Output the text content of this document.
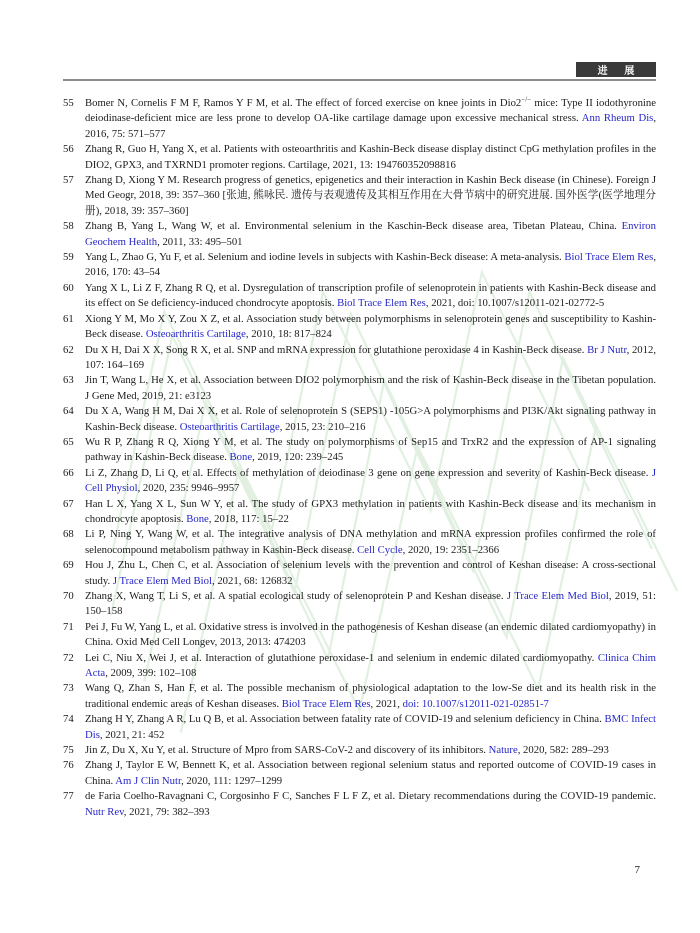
进 展
55	Bomer N, Cornelis F M F, Ramos Y F M, et al. The effect of forced exercise on knee joints in Dio2−/− mice: Type II iodothyronine deiodinase-deficient mice are less prone to develop OA-like cartilage damage upon excessive mechanical stress. Ann Rheum Dis, 2016, 75: 571–577
56	Zhang R, Guo H, Yang X, et al. Patients with osteoarthritis and Kashin-Beck disease display distinct CpG methylation profiles in the DIO2, GPX3, and TXRND1 promoter regions. Cartilage, 2021, 13: 194760352098816
57	Zhang D, Xiong Y M. Research progress of genetics, epigenetics and their interaction in Kashin Beck disease (in Chinese). Foreign J Med Geogr, 2018, 39: 357–360 [张迪, 熊咏民. 遗传与表观遗传及其相互作用在大骨节病中的研究进展. 国外医学(医学地理分册), 2018, 39: 357–360]
58	Zhang B, Yang L, Wang W, et al. Environmental selenium in the Kaschin-Beck disease area, Tibetan Plateau, China. Environ Geochem Health, 2011, 33: 495–501
59	Yang L, Zhao G, Yu F, et al. Selenium and iodine levels in subjects with Kashin-Beck disease: A meta-analysis. Biol Trace Elem Res, 2016, 170: 43–54
60	Yang X L, Li Z F, Zhang R Q, et al. Dysregulation of transcription profile of selenoprotein in patients with Kashin-Beck disease and its effect on Se deficiency-induced chondrocyte apoptosis. Biol Trace Elem Res, 2021, doi: 10.1007/s12011-021-02772-5
61	Xiong Y M, Mo X Y, Zou X Z, et al. Association study between polymorphisms in selenoprotein genes and susceptibility to Kashin-Beck disease. Osteoarthritis Cartilage, 2010, 18: 817–824
62	Du X H, Dai X X, Song R X, et al. SNP and mRNA expression for glutathione peroxidase 4 in Kashin-Beck disease. Br J Nutr, 2012, 107: 164–169
63	Jin T, Wang L, He X, et al. Association between DIO2 polymorphism and the risk of Kashin-Beck disease in the Tibetan population. J Gene Med, 2019, 21: e3123
64	Du X A, Wang H M, Dai X X, et al. Role of selenoprotein S (SEPS1) -105G>A polymorphisms and PI3K/Akt signaling pathway in Kashin-Beck disease. Osteoarthritis Cartilage, 2015, 23: 210–216
65	Wu R P, Zhang R Q, Xiong Y M, et al. The study on polymorphisms of Sep15 and TrxR2 and the expression of AP-1 signaling pathway in Kashin-Beck disease. Bone, 2019, 120: 239–245
66	Li Z, Zhang D, Li Q, et al. Effects of methylation of deiodinase 3 gene on gene expression and severity of Kashin-Beck disease. J Cell Physiol, 2020, 235: 9946–9957
67	Han L X, Yang X L, Sun W Y, et al. The study of GPX3 methylation in patients with Kashin-Beck disease and its mechanism in chondrocyte apoptosis. Bone, 2018, 117: 15–22
68	Li P, Ning Y, Wang W, et al. The integrative analysis of DNA methylation and mRNA expression profiles confirmed the role of selenocompound metabolism pathway in Kashin-Beck disease. Cell Cycle, 2020, 19: 2351–2366
69	Hou J, Zhu L, Chen C, et al. Association of selenium levels with the prevention and control of Keshan disease: A cross-sectional study. J Trace Elem Med Biol, 2021, 68: 126832
70	Zhang X, Wang T, Li S, et al. A spatial ecological study of selenoprotein P and Keshan disease. J Trace Elem Med Biol, 2019, 51: 150–158
71	Pei J, Fu W, Yang L, et al. Oxidative stress is involved in the pathogenesis of Keshan disease (an endemic dilated cardiomyopathy) in China. Oxid Med Cell Longev, 2013, 2013: 474203
72	Lei C, Niu X, Wei J, et al. Interaction of glutathione peroxidase-1 and selenium in endemic dilated cardiomyopathy. Clinica Chim Acta, 2009, 399: 102–108
73	Wang Q, Zhan S, Han F, et al. The possible mechanism of physiological adaptation to the low-Se diet and its health risk in the traditional endemic areas of Keshan diseases. Biol Trace Elem Res, 2021, doi: 10.1007/s12011-021-02851-7
74	Zhang H Y, Zhang A R, Lu Q B, et al. Association between fatality rate of COVID-19 and selenium deficiency in China. BMC Infect Dis, 2021, 21: 452
75	Jin Z, Du X, Xu Y, et al. Structure of Mpro from SARS-CoV-2 and discovery of its inhibitors. Nature, 2020, 582: 289–293
76	Zhang J, Taylor E W, Bennett K, et al. Association between regional selenium status and reported outcome of COVID-19 cases in China. Am J Clin Nutr, 2020, 111: 1297–1299
77	de Faria Coelho-Ravagnani C, Corgosinho F C, Sanches F L F Z, et al. Dietary recommendations during the COVID-19 pandemic. Nutr Rev, 2021, 79: 382–393
7
